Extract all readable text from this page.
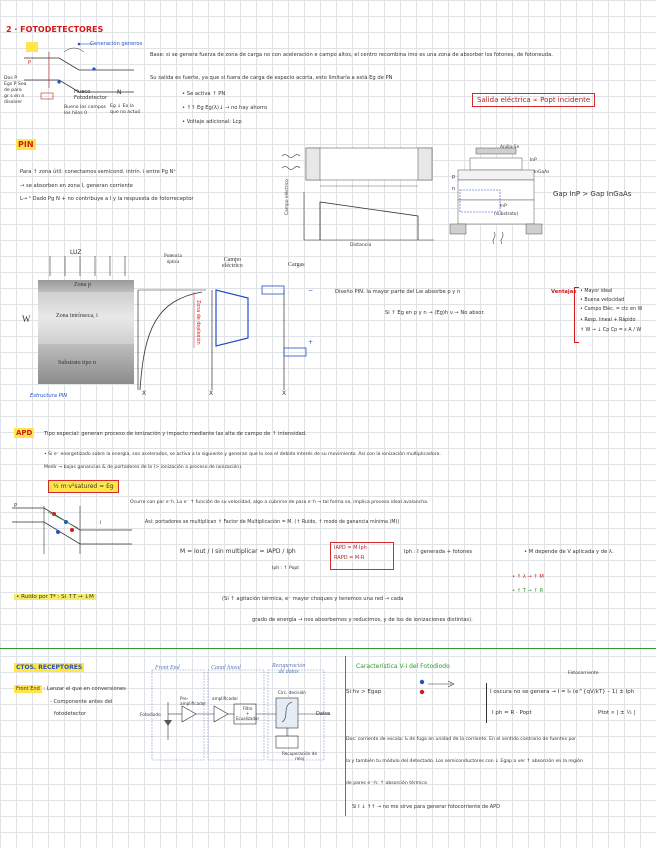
2 · FOTODETECTORES
Generación generos
P
N
Hueco
Fotodetector
Dos P
Egs P Sea
de para
gr s en n
disolver
Bueno los campos
los hilos 0
Eg ↓ Eo la
que no actuó
Base: si se genera fuerza de zona de carga no con aceleración e campo altos, el centro recombina imo es una zona de absorber los fotones, de fotoneuda.
Su salida es fuerte, ya que si fuera de carga de espacio acorta, esto limitaría a está Eg de PN
• Se activa ↑ PN
• ↑↑ Eg Eg(λ)↓ → no hay ahorro
• Voltaje adicional: Lcp
Salida eléctrica ∝ Popt incidente
PIN
Para ↑ zona útil: conectamos semicond. intrín. i entre Pg N⁺
→ se absorben en zona I, generan corriente
L→ ¹ Dado Pg N + no contribuye a I y la respuesta de fotorreceptor
Distancia
Campo eléctrico
Anillo-Sn
InP
InGaAs
p
n
InP
(substrato)
Gap InP > Gap InGaAs
LUZ
Zona p
Zona intrínseca, i
Substrato tipo n
W
Estructura PIN
−
+
Potencia
óptica
Zona de deplexión
Campo
eléctrico	Cargas
X	X	X
Diseño PIN: la mayor parte del Lw absorbe p y n
Si ↑ Eg en p y n → (Eg)h ν → No absor.
Ventajas • Mayor ideal
• Buena velocidad
• Campo Eléc. = ctc en W
• Resp. lineal + Rápido
↑ W → ↓ Cp Cp = ε A / W
APD	Tipo especial: generan proceso de ionización y impacto mediante las alta de campo de ↑ intensidad.
• Si e⁻ energetizado sobre la energía, son acelerados, se activa a la siguiente y generan que lo sea el debido interés de su movimiento. Así con la ionización multiplicadora.
Medir → bajas ganancias & de portadores de la (> ionización a proceso de ionización).
½ m·v²satured = Eg
Ocurre con par e⁻h. La e⁻ ↑ función de su velocidad, algo a cubrirse de para e⁻h → tal forma se, implica proceso ideal avalancha.
P
i	Así: portadores se multiplican ↑ Factor de Multiplicación = M. (↑ Ruido, ↑ modo de ganancia mínima (M))
M = Iout / I sin multiplicar = IAPD / Iph
Iph : ↑ Popt
IAPD = M·Iph
RAPD = M·R
Iph : I generada + fotones	• M depende de V aplicada y de λ.
• ↑ λ → ↑ M
• ↑ T → ↑ R
• Ruido por Tª : Si ↑T → ↓M	(Si ↑ agitación térmica, e⁻ mayor choques y tenemos una red → cada
grado de energía → nos absorbemos y reducimos, y de los de ionizaciones distintas).
CTOS. RECEPTORES
Front End : Lanzar el que en conversiones
- Componente antes del
fotodetector
Front End	Canal lineal	Recuperación
de datos
Fotodiodo
Pre-
amplificador
amplificador
Filtro
+
Ecualizador
Circ. decisión
Datos
Recuperación de
reloj
Característica V-I del Fotodiodo
Si hν > Egap
Fotocorriente
I oscura no se genera → I = I₀ (e^{qV/kT} – 1) ± Iph
I ph = R · Popt	Ptot ∝ | ± ½ |
Dos: corriente de escala: I₀ de fuga en unidad de la corriente. En el sentido contrario de fuentes por
la y también tu módulo del detectado. Los semiconductores con ↓ Egap a ver ↑ absorción en la región
de pares e⁻-h: ↑ absorción térmica
Si I ↓ ↑↑ → no me sirve para generar fotocorriente de APD
